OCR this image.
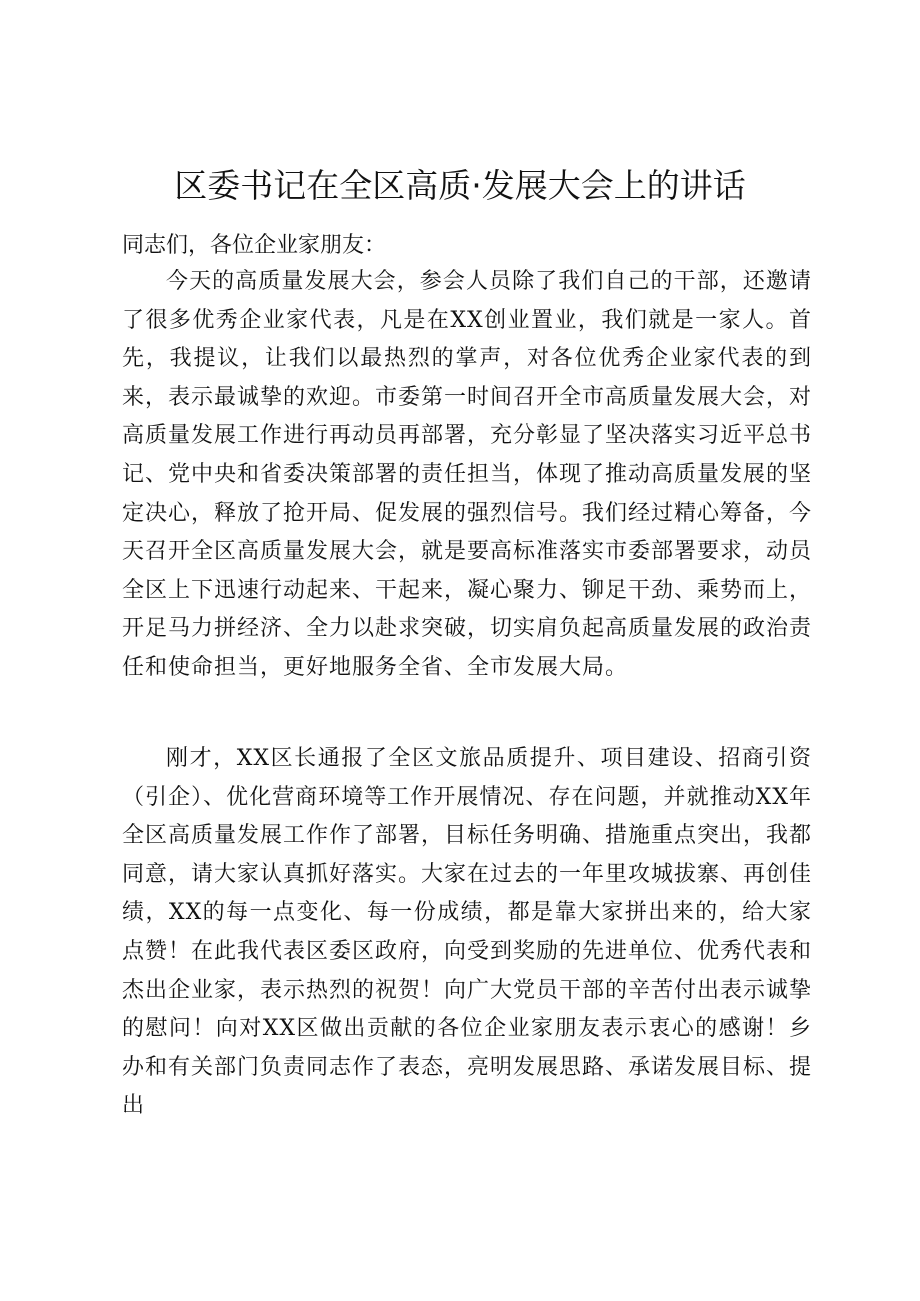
区委书记在全区高质·发展大会上的讲话
同志们，各位企业家朋友：

今天的高质量发展大会，参会人员除了我们自己的干部，还邀请了很多优秀企业家代表，凡是在XX创业置业，我们就是一家人。首先，我提议，让我们以最热烈的掌声，对各位优秀企业家代表的到来，表示最诚挚的欢迎。市委第一时间召开全市高质量发展大会，对高质量发展工作进行再动员再部署，充分彰显了坚决落实习近平总书记、党中央和省委决策部署的责任担当，体现了推动高质量发展的坚定决心，释放了抢开局、促发展的强烈信号。我们经过精心筹备，今天召开全区高质量发展大会，就是要高标准落实市委部署要求，动员全区上下迅速行动起来、干起来，凝心聚力、铆足干劲、乘势而上，开足马力拼经济、全力以赴求突破，切实肩负起高质量发展的政治责任和使命担当，更好地服务全省、全市发展大局。

刚才，XX区长通报了全区文旅品质提升、项目建设、招商引资（引企）、优化营商环境等工作开展情况、存在问题，并就推动XX年全区高质量发展工作作了部署，目标任务明确、措施重点突出，我都同意，请大家认真抓好落实。大家在过去的一年里攻城拔寨、再创佳绩，XX的每一点变化、每一份成绩，都是靠大家拼出来的，给大家点赞！在此我代表区委区政府，向受到奖励的先进单位、优秀代表和杰出企业家，表示热烈的祝贺！向广大党员干部的辛苦付出表示诚挚的慰问！向对XX区做出贡献的各位企业家朋友表示衷心的感谢！乡办和有关部门负责同志作了表态，亮明发展思路、承诺发展目标、提出
